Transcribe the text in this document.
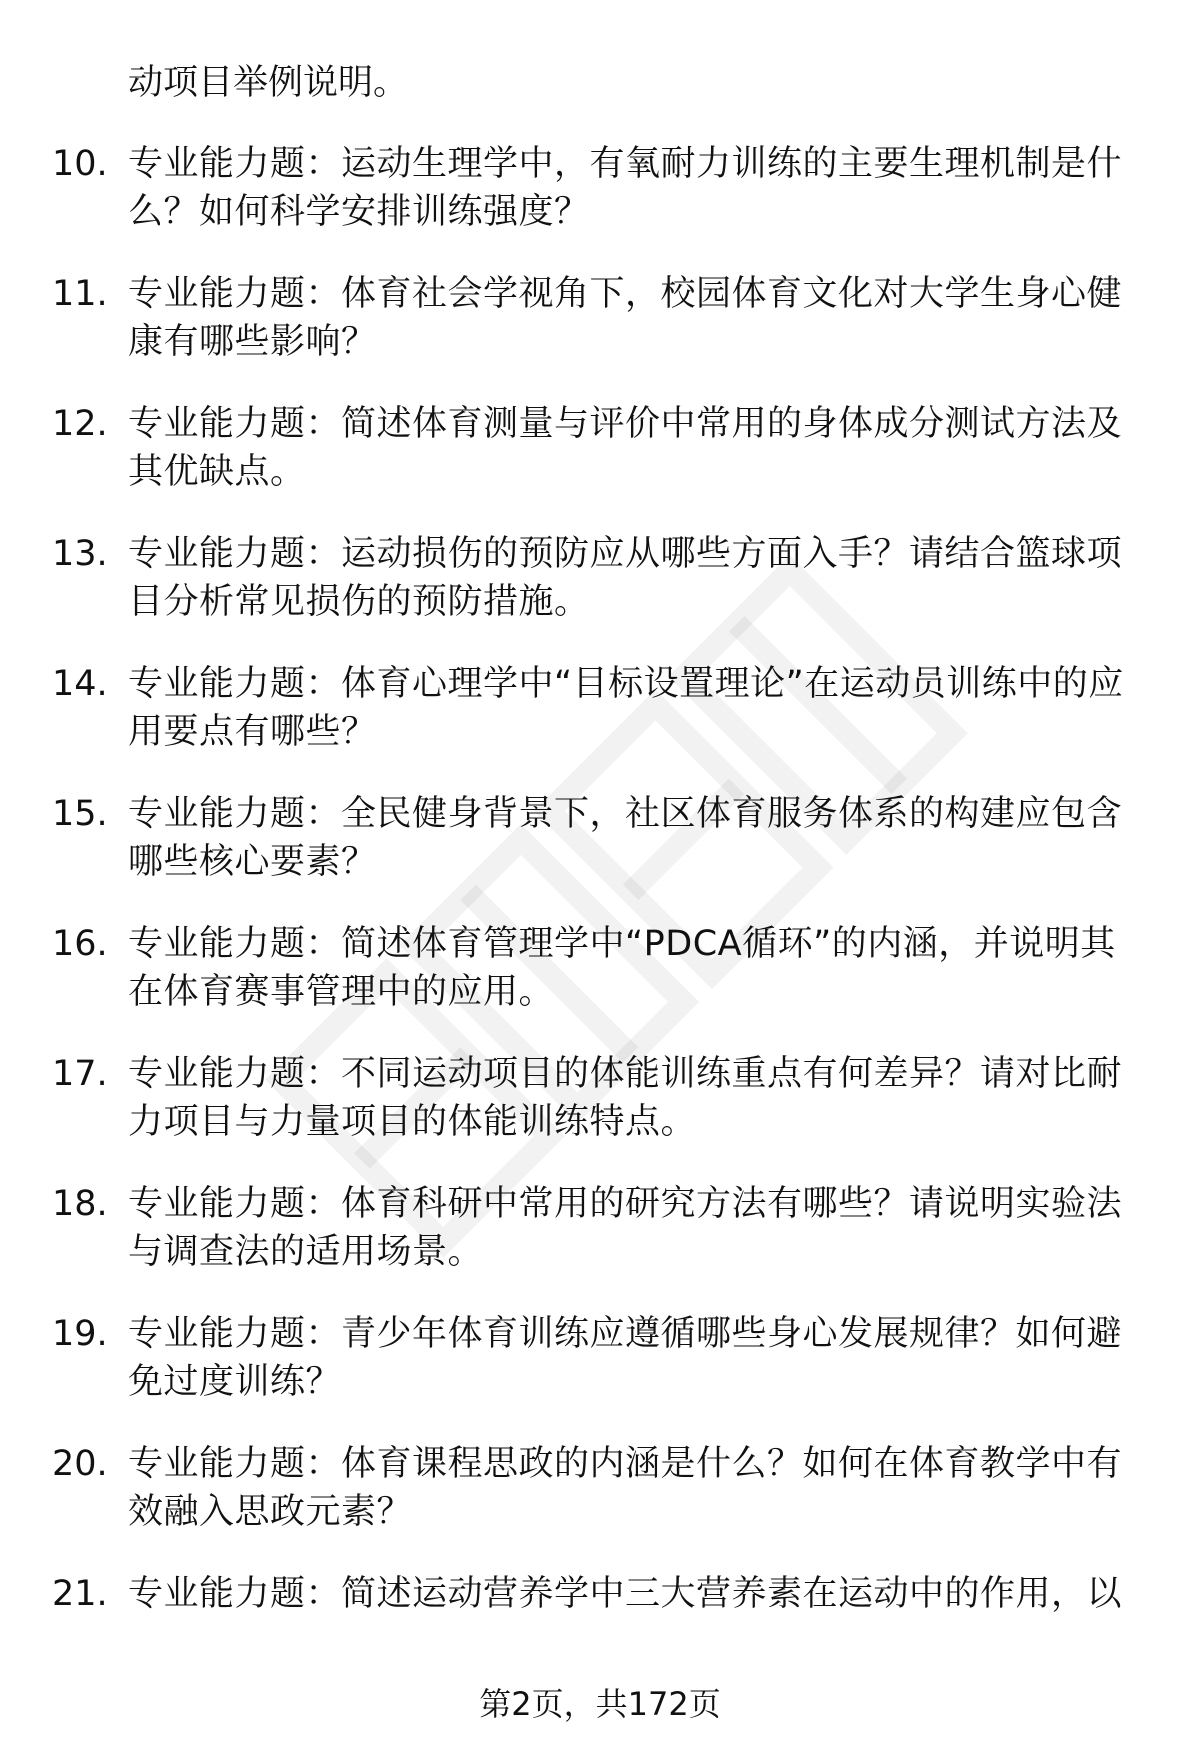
动项目举例说明。
10. 专业能力题：运动生理学中，有氧耐力训练的主要生理机制是什么？如何科学安排训练强度？
11. 专业能力题：体育社会学视角下，校园体育文化对大学生身心健康有哪些影响？
12. 专业能力题：简述体育测量与评价中常用的身体成分测试方法及其优缺点。
13. 专业能力题：运动损伤的预防应从哪些方面入手？请结合篮球项目分析常见损伤的预防措施。
14. 专业能力题：体育心理学中“目标设置理论”在运动员训练中的应用要点有哪些？
15. 专业能力题：全民健身背景下，社区体育服务体系的构建应包含哪些核心要素？
16. 专业能力题：简述体育管理学中“PDCA循环”的内涵，并说明其在体育赛事管理中的应用。
17. 专业能力题：不同运动项目的体能训练重点有何差异？请对比耐力项目与力量项目的体能训练特点。
18. 专业能力题：体育科研中常用的研究方法有哪些？请说明实验法与调查法的适用场景。
19. 专业能力题：青少年体育训练应遵循哪些身心发展规律？如何避免过度训练？
20. 专业能力题：体育课程思政的内涵是什么？如何在体育教学中有效融入思政元素？
21. 专业能力题：简述运动营养学中三大营养素在运动中的作用，以
第2页，共172页
